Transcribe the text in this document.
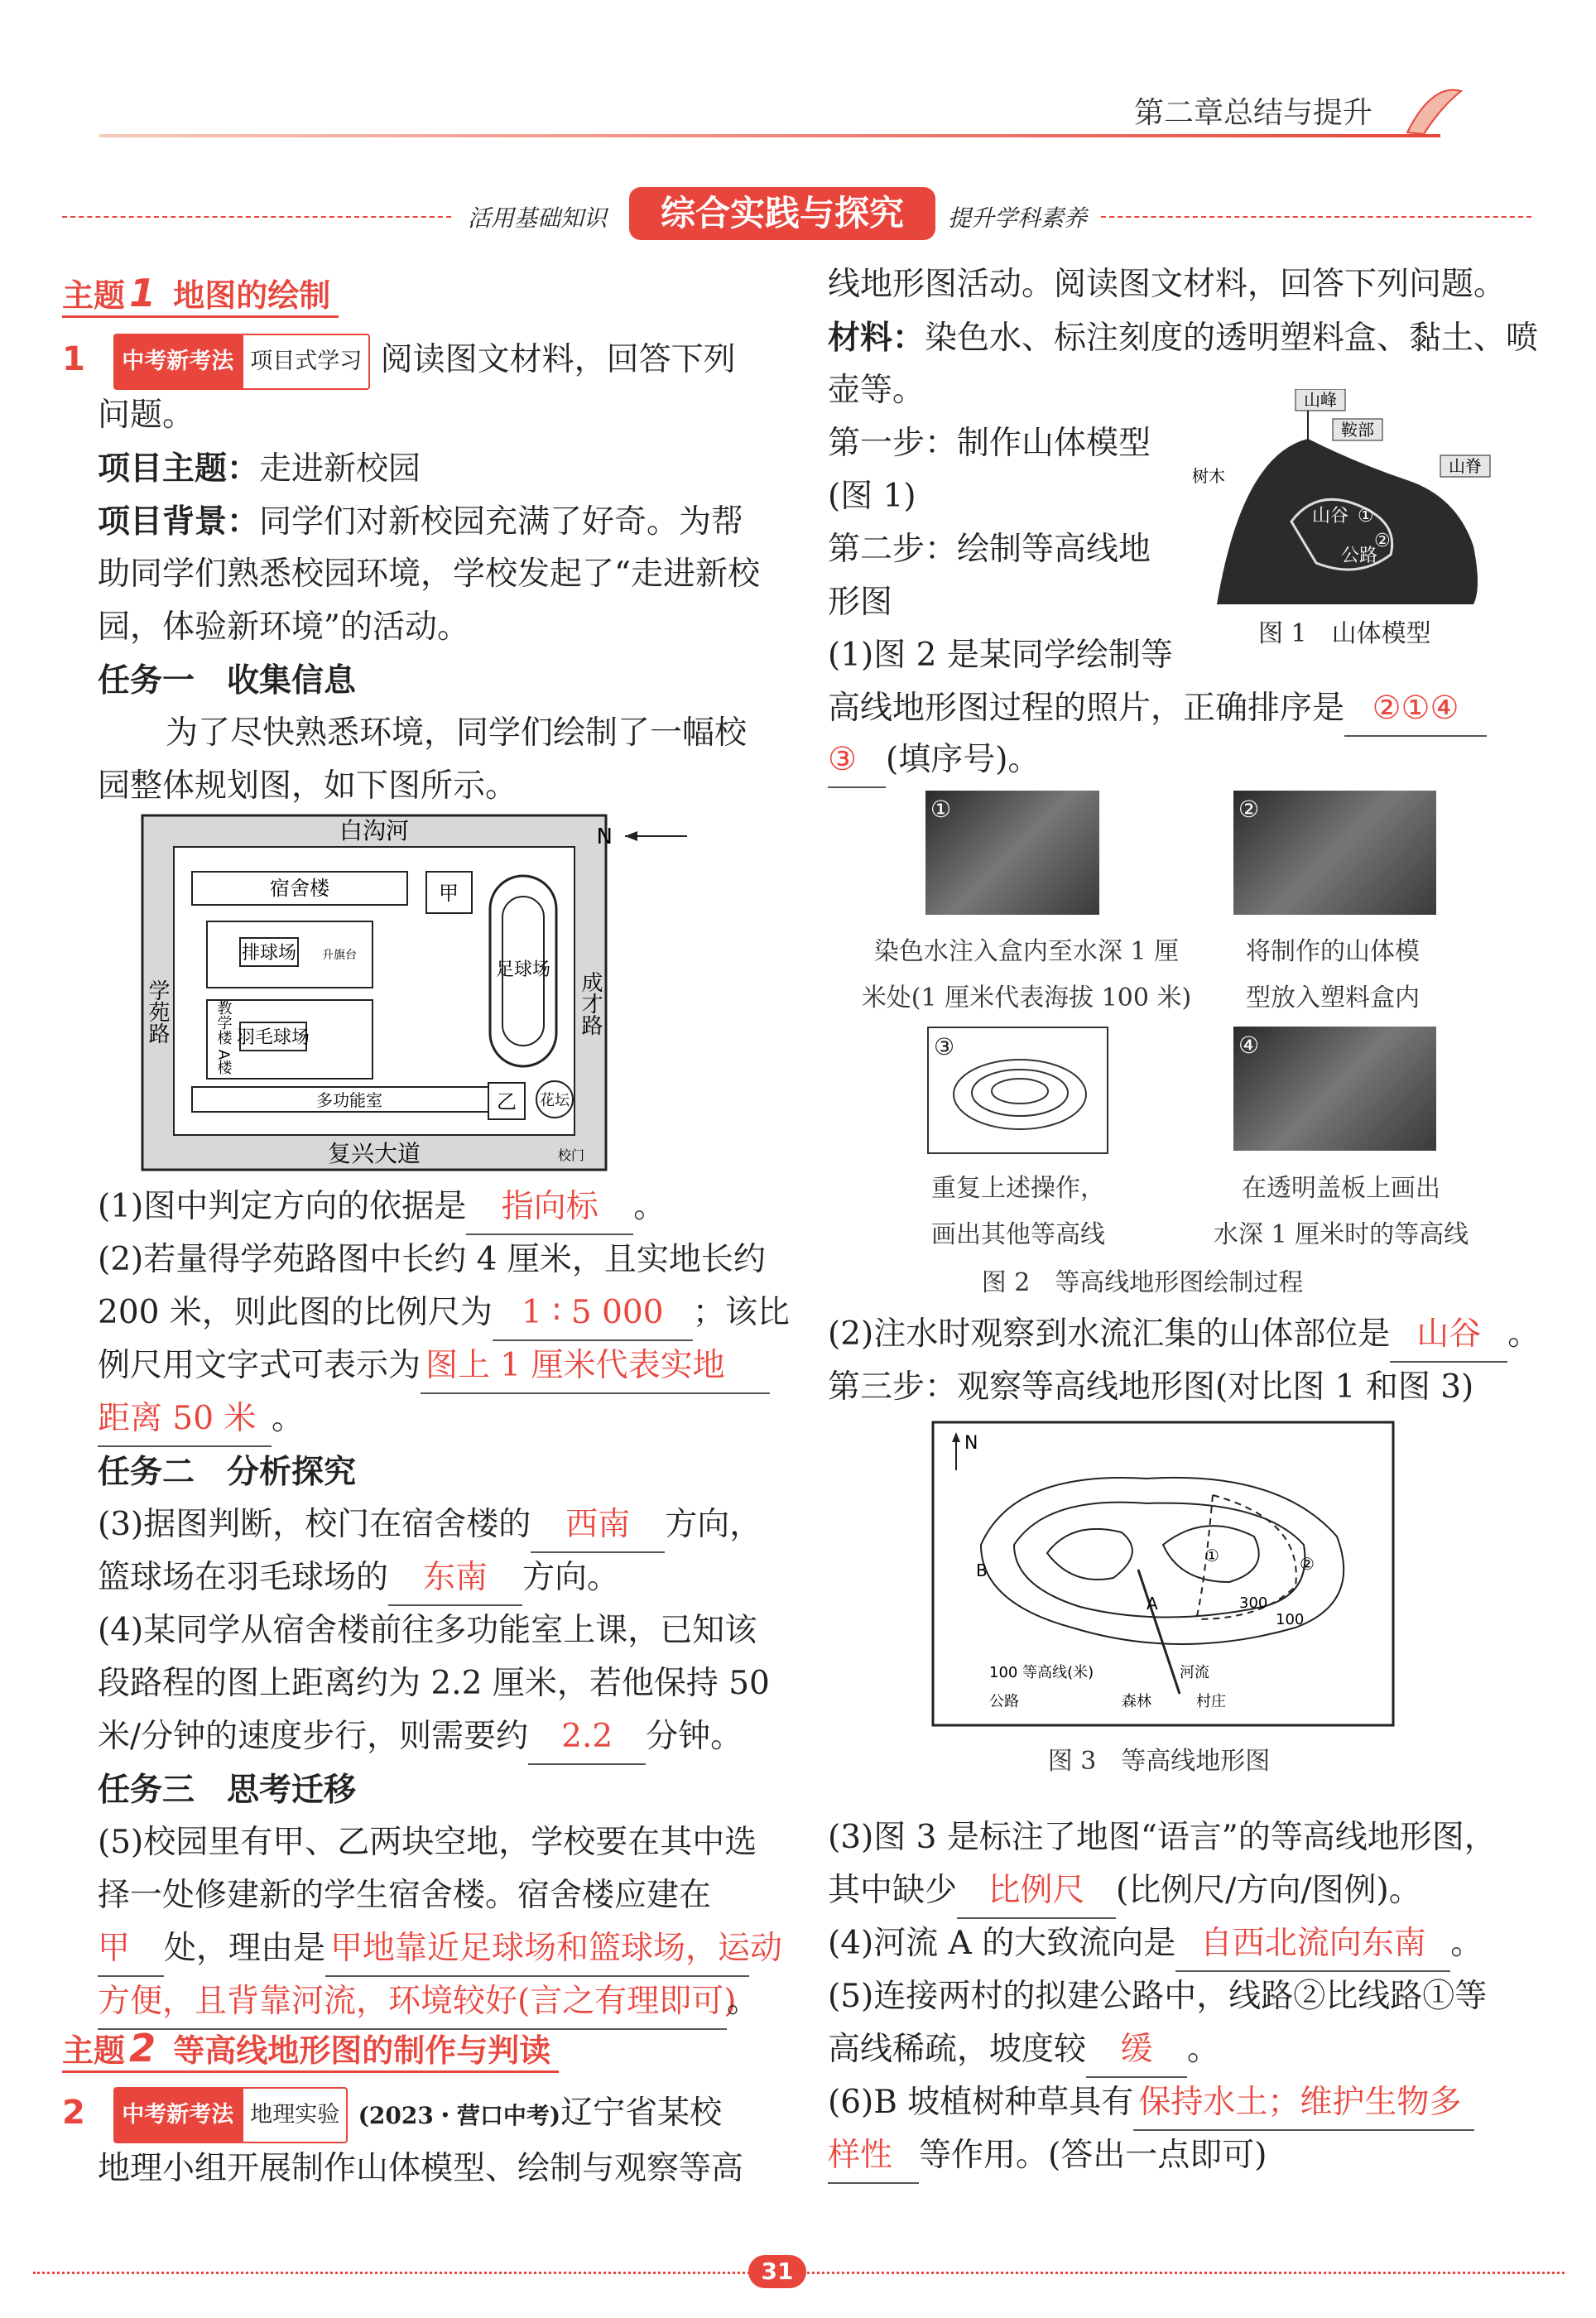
第二章总结与提升
活用基础知识	综合实践与探究	提升学科素养
主题 1 地图的绘制
1 中考新考法 项目式学习 阅读图文材料，回答下列
问题。
项目主题：走进新校园
项目背景：同学们对新校园充满了好奇。为帮
助同学们熟悉校园环境，学校发起了“走进新校
园，体验新环境”的活动。
任务一　收集信息
为了尽快熟悉环境，同学们绘制了一幅校
园整体规划图，如下图所示。
N
白沟河
宿舍楼	甲
排球场 升旗台
羽毛球场
足球场
多功能室	乙 花坛
校门
复兴大道
学苑路	成才路
教学楼 A楼
(1)图中判定方向的依据是 指向标 。
(2)若量得学苑路图中长约 4 厘米，且实地长约
200 米，则此图的比例尺为 1 ∶ 5 000 ；该比
例尺用文字式可表示为 图上 1 厘米代表实地
距离 50 米 。
任务二　分析探究
(3)据图判断，校门在宿舍楼的 西南 方向，
篮球场在羽毛球场的 东南 方向。
(4)某同学从宿舍楼前往多功能室上课，已知该
段路程的图上距离约为 2.2 厘米，若他保持 50
米/分钟的速度步行，则需要约 2.2 分钟。
任务三　思考迁移
(5)校园里有甲、乙两块空地，学校要在其中选
择一处修建新的学生宿舍楼。宿舍楼应建在
甲 处，理由是 甲地靠近足球场和篮球场，运动
方便，且背靠河流，环境较好(言之有理即可)。
主题 2 等高线地形图的制作与判读
2 中考新考法 地理实验 (2023・营口中考)辽宁省某校
地理小组开展制作山体模型、绘制与观察等高
线地形图活动。阅读图文材料，回答下列问题。
材料：染色水、标注刻度的透明塑料盒、黏土、喷
壶等。
第一步：制作山体模型
(图 1)
第二步：绘制等高线地
形图
山峰
鞍部
山脊
树木
山谷 ①
②
公路
图 1　山体模型
(1)图 2 是某同学绘制等
高线地形图过程的照片，正确排序是 ②①④
③ (填序号)。
①	②
染色水注入盒内至水深 1 厘
米处(1 厘米代表海拔 100 米)
将制作的山体模
型放入塑料盒内
③	④
重复上述操作，
画出其他等高线
在透明盖板上画出
水深 1 厘米时的等高线
图 2　等高线地形图绘制过程
(2)注水时观察到水流汇集的山体部位是 山谷 。
第三步：观察等高线地形图(对比图 1 和图 3)
N
①	②
A
B
300
100
100 等高线(米)	河流
公路	森林	村庄
图 3　等高线地形图
(3)图 3 是标注了地图“语言”的等高线地形图，
其中缺少 比例尺 (比例尺/方向/图例)。
(4)河流 A 的大致流向是 自西北流向东南 。
(5)连接两村的拟建公路中，线路②比线路①等
高线稀疏，坡度较 缓 。
(6)B 坡植树种草具有 保持水土；维护生物多
样性 等作用。(答出一点即可)
31
